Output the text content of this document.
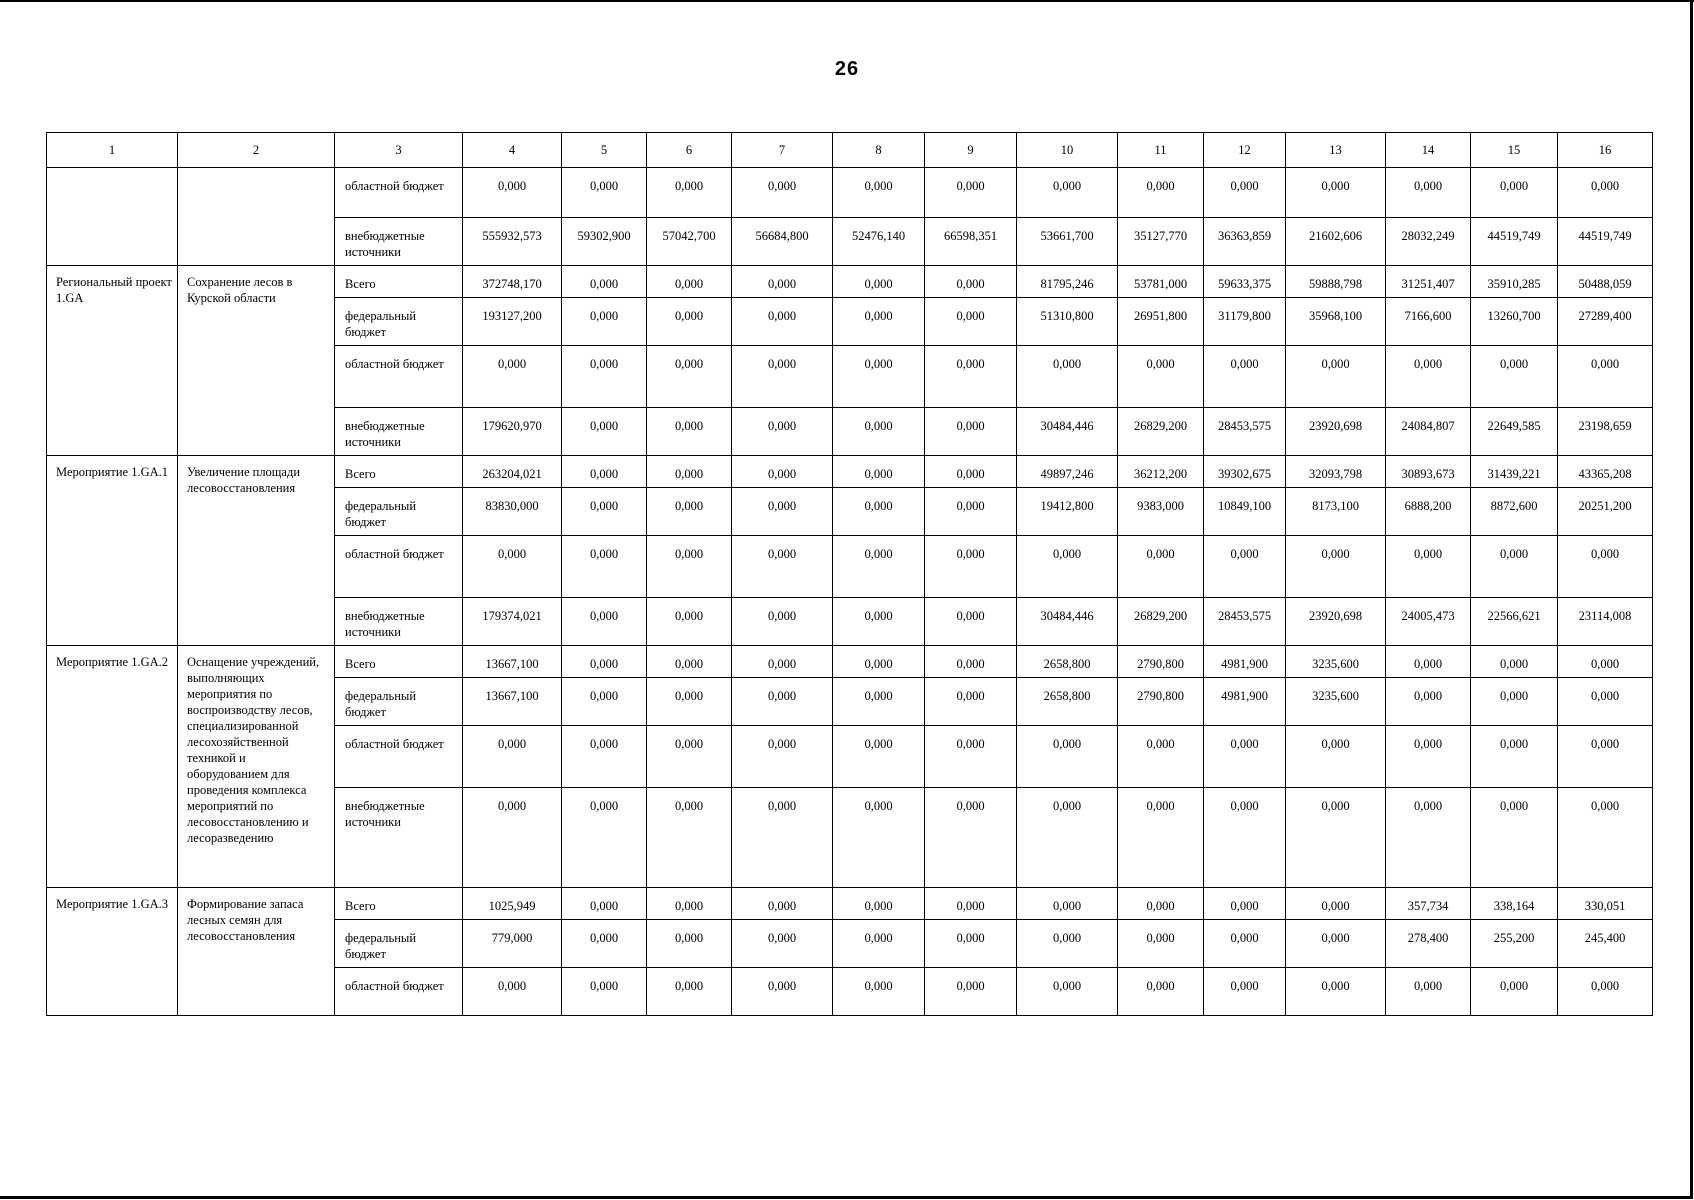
26
1	2	3	4	5	6	7	8	9	10	11	12	13	14	15	16
		областной бюджет	0,000	0,000	0,000	0,000	0,000	0,000	0,000	0,000	0,000	0,000	0,000	0,000	0,000
		внебюджетные источники	555932,573	59302,900	57042,700	56684,800	52476,140	66598,351	53661,700	35127,770	36363,859	21602,606	28032,249	44519,749	44519,749
Региональный проект 1.GA	Сохранение лесов в Курской области	Всего	372748,170	0,000	0,000	0,000	0,000	0,000	81795,246	53781,000	59633,375	59888,798	31251,407	35910,285	50488,059
		федеральный бюджет	193127,200	0,000	0,000	0,000	0,000	0,000	51310,800	26951,800	31179,800	35968,100	7166,600	13260,700	27289,400
		областной бюджет	0,000	0,000	0,000	0,000	0,000	0,000	0,000	0,000	0,000	0,000	0,000	0,000	0,000
		внебюджетные источники	179620,970	0,000	0,000	0,000	0,000	0,000	30484,446	26829,200	28453,575	23920,698	24084,807	22649,585	23198,659
Мероприятие 1.GA.1	Увеличение площади лесовосстановления	Всего	263204,021	0,000	0,000	0,000	0,000	0,000	49897,246	36212,200	39302,675	32093,798	30893,673	31439,221	43365,208
		федеральный бюджет	83830,000	0,000	0,000	0,000	0,000	0,000	19412,800	9383,000	10849,100	8173,100	6888,200	8872,600	20251,200
		областной бюджет	0,000	0,000	0,000	0,000	0,000	0,000	0,000	0,000	0,000	0,000	0,000	0,000	0,000
		внебюджетные источники	179374,021	0,000	0,000	0,000	0,000	0,000	30484,446	26829,200	28453,575	23920,698	24005,473	22566,621	23114,008
Мероприятие 1.GA.2	Оснащение учреждений, выполняющих мероприятия по воспроизводству лесов, специализированной лесохозяйственной техникой и оборудованием для проведения комплекса мероприятий по лесовосстановлению и лесоразведению	Всего	13667,100	0,000	0,000	0,000	0,000	0,000	2658,800	2790,800	4981,900	3235,600	0,000	0,000	0,000
		федеральный бюджет	13667,100	0,000	0,000	0,000	0,000	0,000	2658,800	2790,800	4981,900	3235,600	0,000	0,000	0,000
		областной бюджет	0,000	0,000	0,000	0,000	0,000	0,000	0,000	0,000	0,000	0,000	0,000	0,000	0,000
		внебюджетные источники	0,000	0,000	0,000	0,000	0,000	0,000	0,000	0,000	0,000	0,000	0,000	0,000	0,000
Мероприятие 1.GA.3	Формирование запаса лесных семян для лесовосстановления	Всего	1025,949	0,000	0,000	0,000	0,000	0,000	0,000	0,000	0,000	0,000	357,734	338,164	330,051
		федеральный бюджет	779,000	0,000	0,000	0,000	0,000	0,000	0,000	0,000	0,000	0,000	278,400	255,200	245,400
		областной бюджет	0,000	0,000	0,000	0,000	0,000	0,000	0,000	0,000	0,000	0,000	0,000	0,000	0,000
